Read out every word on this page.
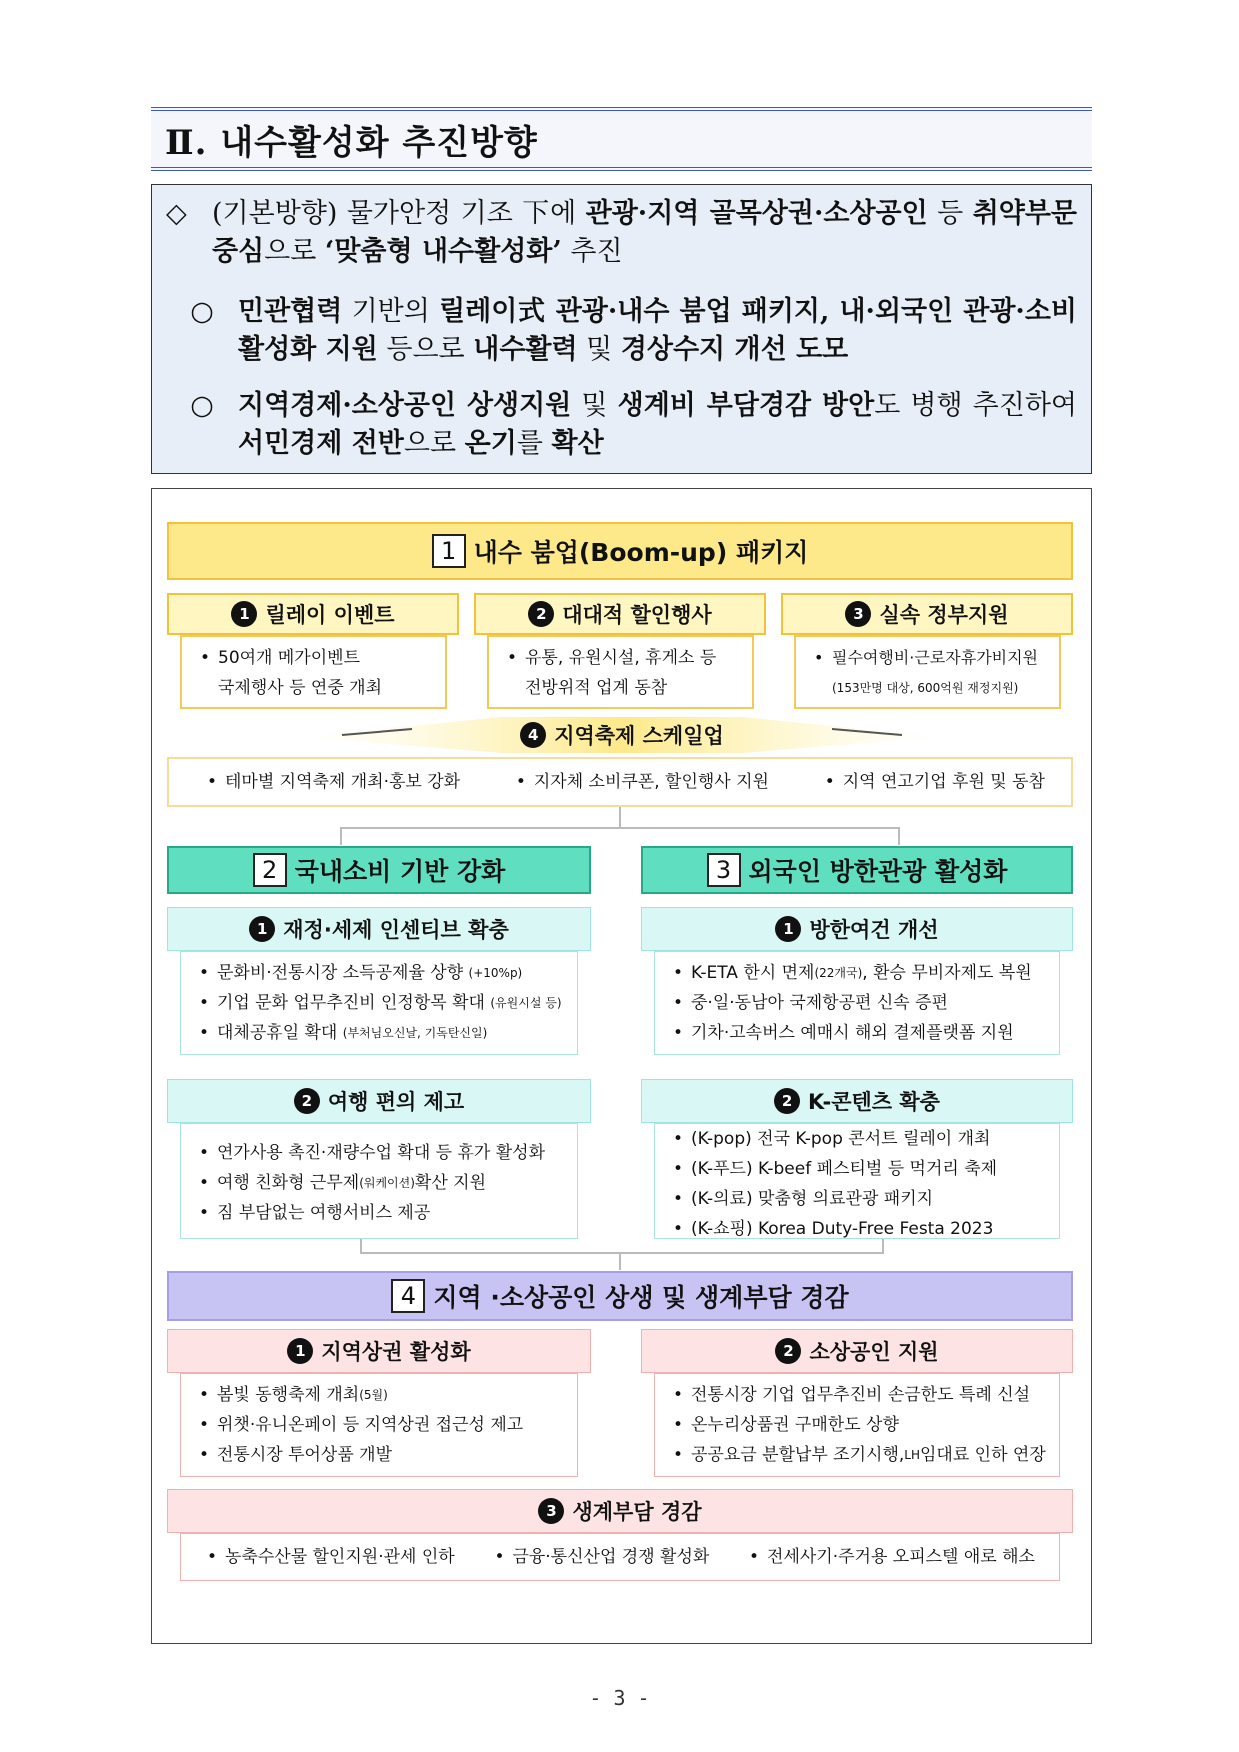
Ⅱ. 내수활성화 추진방향
◇ (기본방향) 물가안정 기조 下에 관광·지역 골목상권·소상공인 등 취약부문 중심으로 ‘맞춤형 내수활성화’ 추진
○ 민관협력 기반의 릴레이式 관광·내수 붐업 패키지, 내·외국인 관광·소비 활성화 지원 등으로 내수활력 및 경상수지 개선 도모
○ 지역경제·소상공인 상생지원 및 생계비 부담경감 방안도 병행 추진하여 서민경제 전반으로 온기를 확산
1 내수 붐업(Boom-up) 패키지
1 릴레이 이벤트
• 50여개 메가이벤트
국제행사 등 연중 개최
2 대대적 할인행사
• 유통, 유원시설, 휴게소 등
전방위적 업계 동참
3 실속 정부지원
• 필수여행비·근로자휴가비지원
(153만명 대상, 600억원 재정지원)
4 지역축제 스케일업
• 테마별 지역축제 개최·홍보 강화	• 지자체 소비쿠폰, 할인행사 지원	• 지역 연고기업 후원 및 동참
2 국내소비 기반 강화
1 재정·세제 인센티브 확충
• 문화비·전통시장 소득공제율 상향
(+10%p)
• 기업 문화 업무추진비 인정항목 확대
(유원시설 등)
• 대체공휴일 확대
(부처님오신날, 기독탄신일)
2 여행 편의 제고
• 연가사용 촉진·재량수업 확대 등 휴가 활성화
• 여행 친화형 근무제 (워케이션) 확산 지원
• 짐 부담없는 여행서비스 제공
3 외국인 방한관광 활성화
1 방한여건 개선
• K-ETA 한시 면제 (22개국) , 환승 무비자제도 복원
• 중·일·동남아 국제항공편 신속 증편
• 기차·고속버스 예매시 해외 결제플랫폼 지원
2 K-콘텐츠 확충
• (K-pop) 전국 K-pop 콘서트 릴레이 개최
• (K-푸드) K-beef 페스티벌 등 먹거리 축제
• (K-의료) 맞춤형 의료관광 패키지
• (K-쇼핑) Korea Duty-Free Festa 2023
4 지역 ·소상공인 상생 및 생계부담 경감
1 지역상권 활성화
• 봄빛 동행축제 개최 (5월)
• 위챗·유니온페이 등 지역상권 접근성 제고
• 전통시장 투어상품 개발
2 소상공인 지원
• 전통시장 기업 업무추진비 손금한도 특례 신설
• 온누리상품권 구매한도 상향
• 공공요금 분할납부 조기시행, LH 임대료 인하 연장
3 생계부담 경감
• 농축수산물 할인지원·관세 인하	• 금융·통신산업 경쟁 활성화	• 전세사기·주거용 오피스텔 애로 해소
- 3 -
